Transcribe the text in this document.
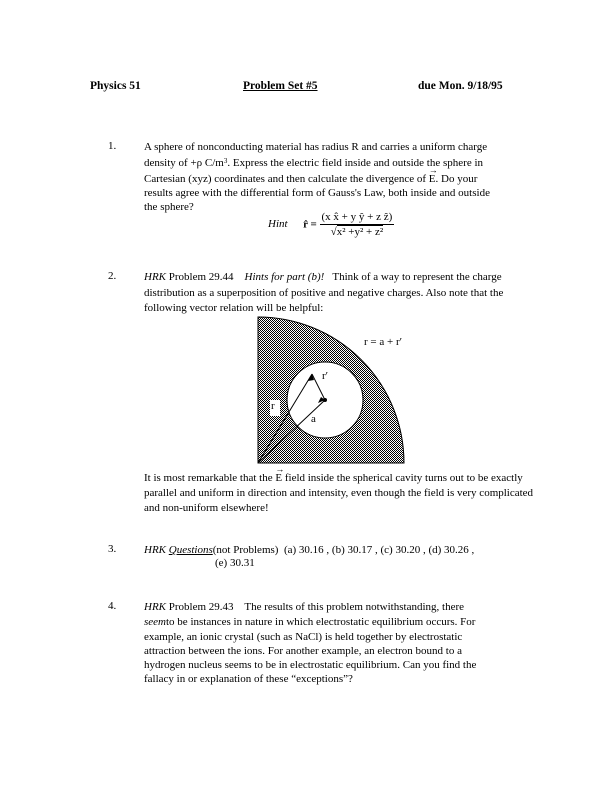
Physics 51	Problem Set #5	due Mon. 9/18/95
1.	A sphere of nonconducting material has radius R and carries a uniform charge
density of +ρ $C/m^3$. Express the electric field inside and outside the sphere in
Cartesian (xyz) coordinates and then calculate the divergence of → E. Do your
results agree with the differential form of Gauss's Law, both inside and outside
the sphere?
Hint r̂ = $\frac{\text{(x x̂ + y ŷ + z ẑ)}}{\text{√x² +y² + z²}}$
2.	HRK Problem 29.44 Hints for part (b)! Think of a way to represent the charge
distribution as a superposition of positive and negative charges. Also note that the
following vector relation will be helpful:
r = a + r′
r
a
r′
It is most remarkable that the → E field inside the spherical cavity turns out to be exactly
parallel and uniform in direction and intensity, even though the field is very complicated
and non-uniform elsewhere!
3.	HRK Questions(not Problems) (a) 30.16 , (b) 30.17 , (c) 30.20 , (d) 30.26 ,
(e) 30.31
4.	HRK Problem 29.43 The results of this problem notwithstanding, there
seemto be instances in nature in which electrostatic equilibrium occurs. For
example, an ionic crystal (such as NaCl) is held together by electrostatic
attraction between the ions. For another example, an electron bound to a
hydrogen nucleus seems to be in electrostatic equilibrium. Can you find the
fallacy in or explanation of these “exceptions”?
